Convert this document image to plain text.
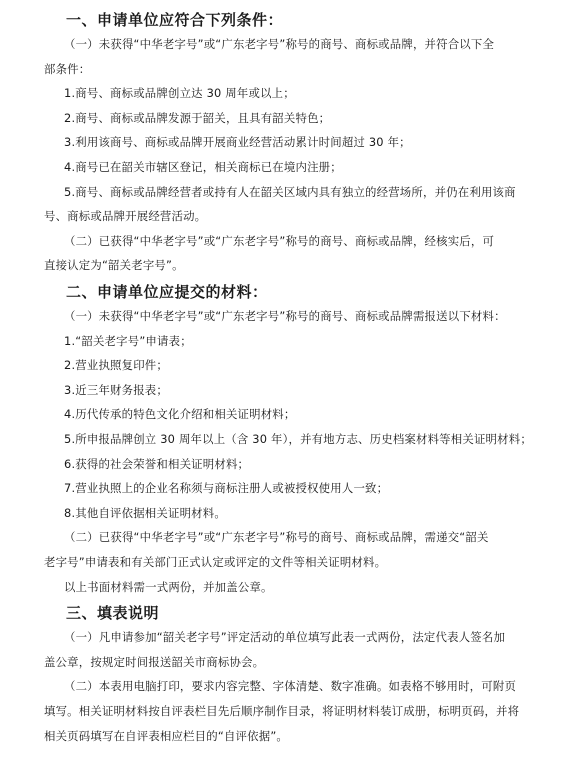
一、申请单位应符合下列条件：
（一）未获得“中华老字号”或“广东老字号”称号的商号、商标或品牌，并符合以下全
部条件：
1.商号、商标或品牌创立达 30 周年或以上；
2.商号、商标或品牌发源于韶关，且具有韶关特色；
3.利用该商号、商标或品牌开展商业经营活动累计时间超过 30 年；
4.商号已在韶关市辖区登记，相关商标已在境内注册；
5.商号、商标或品牌经营者或持有人在韶关区域内具有独立的经营场所，并仍在利用该商
号、商标或品牌开展经营活动。
（二）已获得“中华老字号”或“广东老字号”称号的商号、商标或品牌，经核实后，可
直接认定为“韶关老字号”。
二、申请单位应提交的材料：
（一）未获得“中华老字号”或“广东老字号”称号的商号、商标或品牌需报送以下材料：
1.“韶关老字号”申请表；
2.营业执照复印件；
3.近三年财务报表；
4.历代传承的特色文化介绍和相关证明材料；
5.所申报品牌创立 30 周年以上（含 30 年），并有地方志、历史档案材料等相关证明材料；
6.获得的社会荣誉和相关证明材料；
7.营业执照上的企业名称须与商标注册人或被授权使用人一致；
8.其他自评依据相关证明材料。
（二）已获得“中华老字号”或“广东老字号”称号的商号、商标或品牌，需递交“韶关
老字号”申请表和有关部门正式认定或评定的文件等相关证明材料。
以上书面材料需一式两份，并加盖公章。
三、填表说明
（一）凡申请参加“韶关老字号”评定活动的单位填写此表一式两份，法定代表人签名加
盖公章，按规定时间报送韶关市商标协会。
（二）本表用电脑打印，要求内容完整、字体清楚、数字准确。如表格不够用时，可附页
填写。相关证明材料按自评表栏目先后顺序制作目录，将证明材料装订成册，标明页码，并将
相关页码填写在自评表相应栏目的“自评依据”。
